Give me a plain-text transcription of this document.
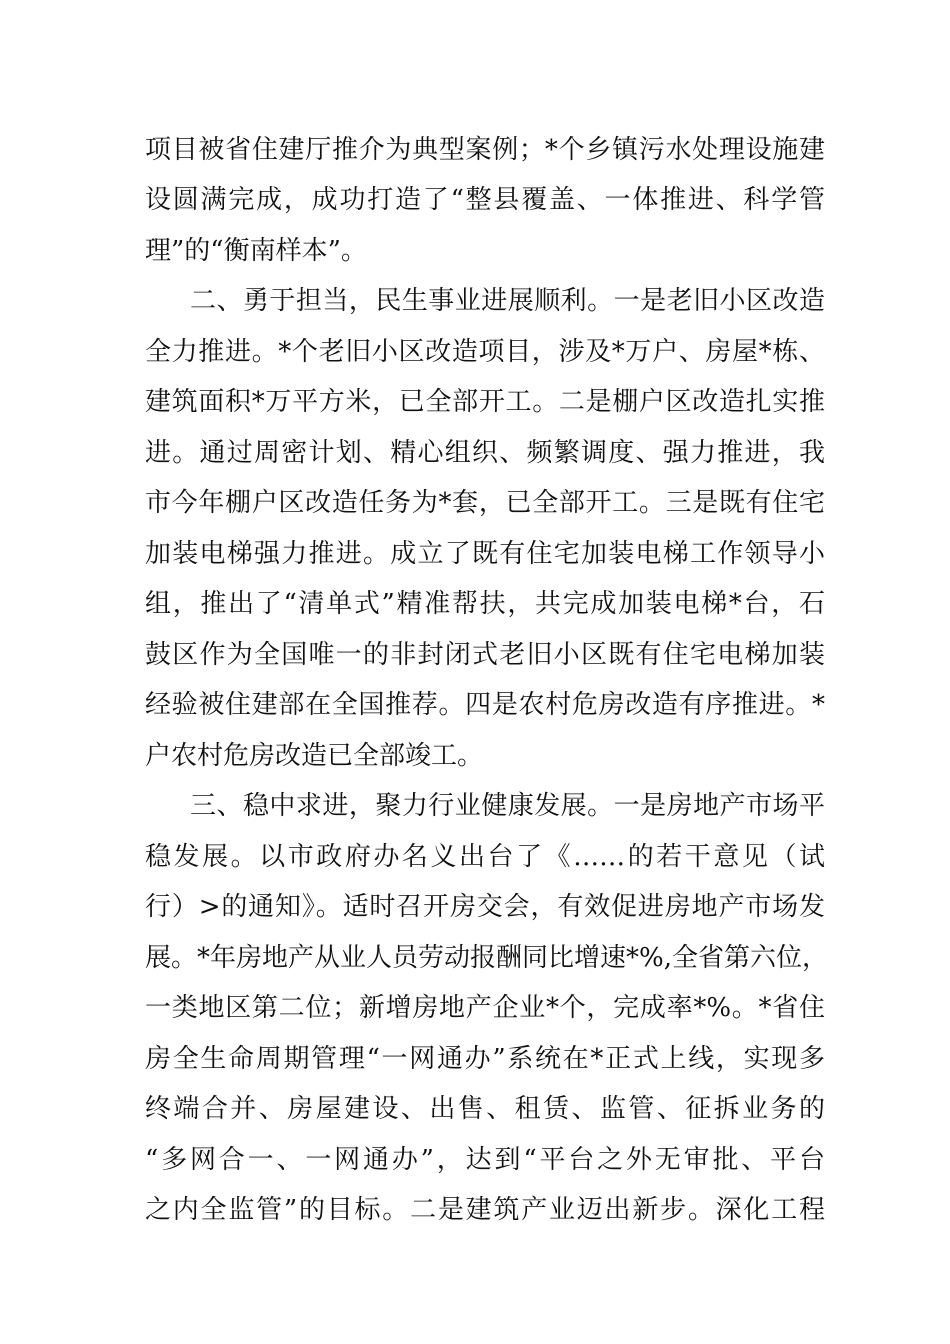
项目被省住建厅推介为典型案例；*个乡镇污水处理设施建
设圆满完成，成功打造了“整县覆盖、一体推进、科学管
理”的“衡南样本”。
二、勇于担当，民生事业进展顺利。一是老旧小区改造
全力推进。*个老旧小区改造项目，涉及*万户、房屋*栋、
建筑面积*万平方米，已全部开工。二是棚户区改造扎实推
进。通过周密计划、精心组织、频繁调度、强力推进，我
市今年棚户区改造任务为*套，已全部开工。三是既有住宅
加装电梯强力推进。成立了既有住宅加装电梯工作领导小
组，推出了“清单式”精准帮扶，共完成加装电梯*台，石
鼓区作为全国唯一的非封闭式老旧小区既有住宅电梯加装
经验被住建部在全国推荐。四是农村危房改造有序推进。*
户农村危房改造已全部竣工。
三、稳中求进，聚力行业健康发展。一是房地产市场平
稳发展。以市政府办名义出台了《……的若干意见（试
行）>的通知》。适时召开房交会，有效促进房地产市场发
展。*年房地产从业人员劳动报酬同比增速*%,全省第六位，
一类地区第二位；新增房地产企业*个，完成率*%。*省住
房全生命周期管理“一网通办”系统在*正式上线，实现多
终端合并、房屋建设、出售、租赁、监管、征拆业务的
“多网合一、一网通办”，达到“平台之外无审批、平台
之内全监管”的目标。二是建筑产业迈出新步。深化工程
